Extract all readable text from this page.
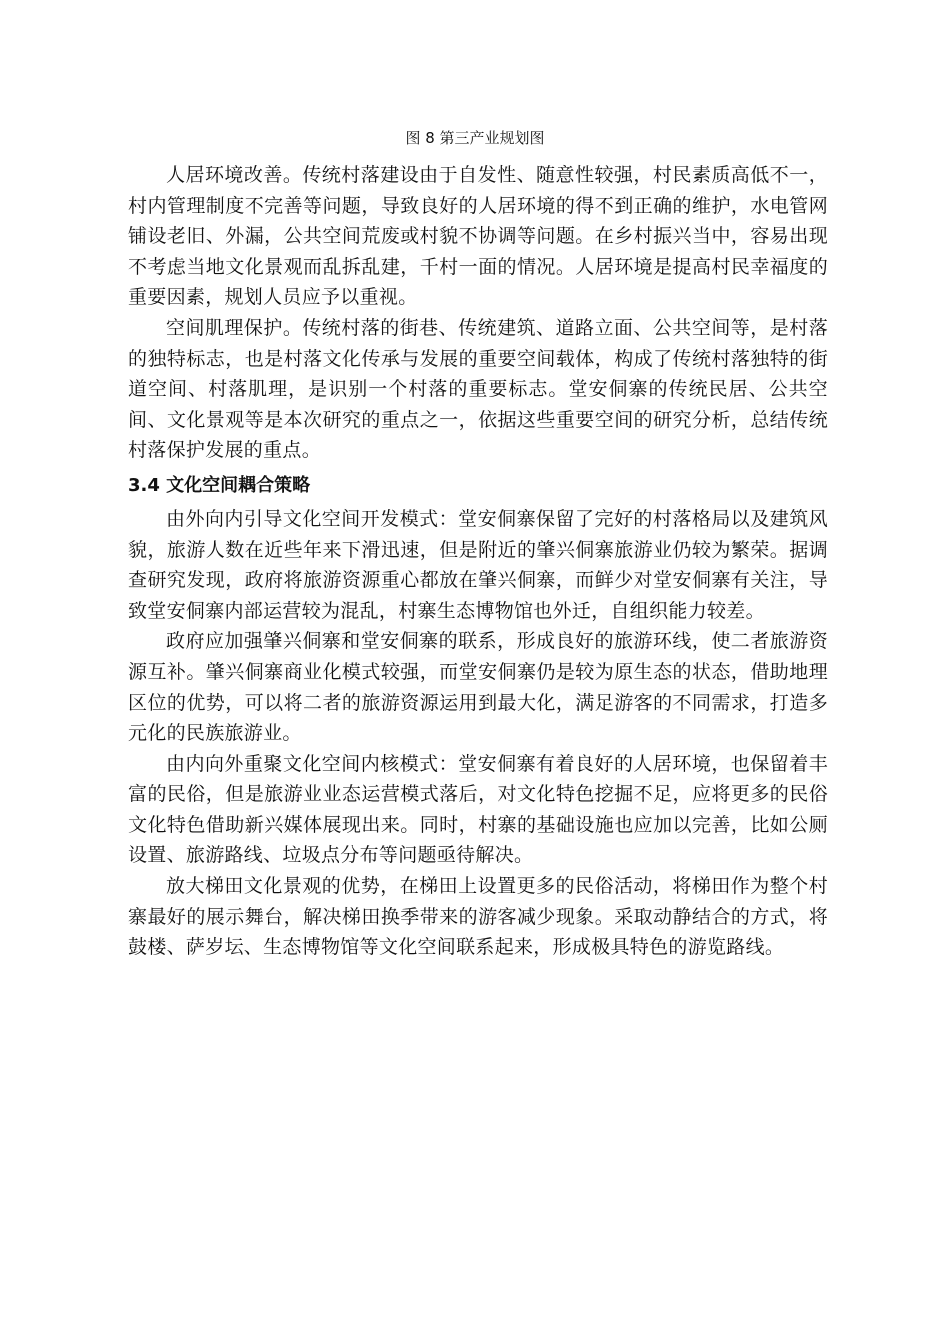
图 8 第三产业规划图

人居环境改善。传统村落建设由于自发性、随意性较强，村民素质高低不一，村内管理制度不完善等问题，导致良好的人居环境的得不到正确的维护，水电管网铺设老旧、外漏，公共空间荒废或村貌不协调等问题。在乡村振兴当中，容易出现不考虑当地文化景观而乱拆乱建，千村一面的情况。人居环境是提高村民幸福度的重要因素，规划人员应予以重视。

空间肌理保护。传统村落的街巷、传统建筑、道路立面、公共空间等，是村落的独特标志，也是村落文化传承与发展的重要空间载体，构成了传统村落独特的街道空间、村落肌理，是识别一个村落的重要标志。堂安侗寨的传统民居、公共空间、文化景观等是本次研究的重点之一，依据这些重要空间的研究分析，总结传统村落保护发展的重点。

3.4 文化空间耦合策略

由外向内引导文化空间开发模式：堂安侗寨保留了完好的村落格局以及建筑风貌，旅游人数在近些年来下滑迅速，但是附近的肇兴侗寨旅游业仍较为繁荣。据调查研究发现，政府将旅游资源重心都放在肇兴侗寨，而鲜少对堂安侗寨有关注，导致堂安侗寨内部运营较为混乱，村寨生态博物馆也外迁，自组织能力较差。

政府应加强肇兴侗寨和堂安侗寨的联系，形成良好的旅游环线，使二者旅游资源互补。肇兴侗寨商业化模式较强，而堂安侗寨仍是较为原生态的状态，借助地理区位的优势，可以将二者的旅游资源运用到最大化，满足游客的不同需求，打造多元化的民族旅游业。

由内向外重聚文化空间内核模式：堂安侗寨有着良好的人居环境，也保留着丰富的民俗，但是旅游业业态运营模式落后，对文化特色挖掘不足，应将更多的民俗文化特色借助新兴媒体展现出来。同时，村寨的基础设施也应加以完善，比如公厕设置、旅游路线、垃圾点分布等问题亟待解决。

放大梯田文化景观的优势，在梯田上设置更多的民俗活动，将梯田作为整个村寨最好的展示舞台，解决梯田换季带来的游客减少现象。采取动静结合的方式，将鼓楼、萨岁坛、生态博物馆等文化空间联系起来，形成极具特色的游览路线。
